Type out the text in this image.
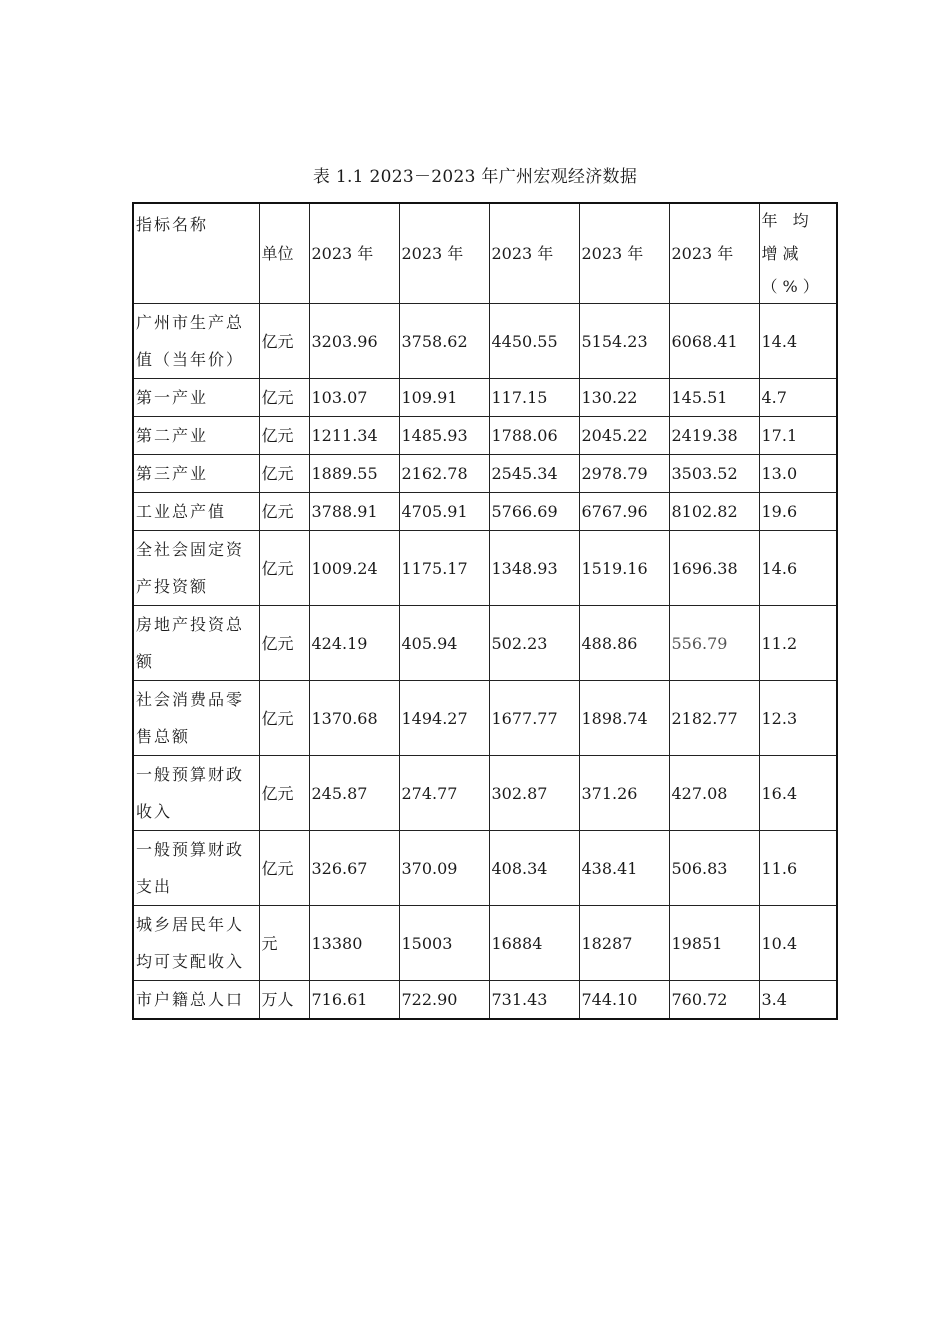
表 1.1 2023－2023 年广州宏观经济数据
指标名称	单位	2023 年	2023 年	2023 年	2023 年	2023 年	年 均 增减（%）
广州市生产总值（当年价）	亿元	3203.96	3758.62	4450.55	5154.23	6068.41	14.4
第一产业	亿元	103.07	109.91	117.15	130.22	145.51	4.7
第二产业	亿元	1211.34	1485.93	1788.06	2045.22	2419.38	17.1
第三产业	亿元	1889.55	2162.78	2545.34	2978.79	3503.52	13.0
工业总产值	亿元	3788.91	4705.91	5766.69	6767.96	8102.82	19.6
全社会固定资产投资额	亿元	1009.24	1175.17	1348.93	1519.16	1696.38	14.6
房地产投资总额	亿元	424.19	405.94	502.23	488.86	556.79	11.2
社会消费品零售总额	亿元	1370.68	1494.27	1677.77	1898.74	2182.77	12.3
一般预算财政收入	亿元	245.87	274.77	302.87	371.26	427.08	16.4
一般预算财政支出	亿元	326.67	370.09	408.34	438.41	506.83	11.6
城乡居民年人均可支配收入	元	13380	15003	16884	18287	19851	10.4
市户籍总人口	万人	716.61	722.90	731.43	744.10	760.72	3.4
